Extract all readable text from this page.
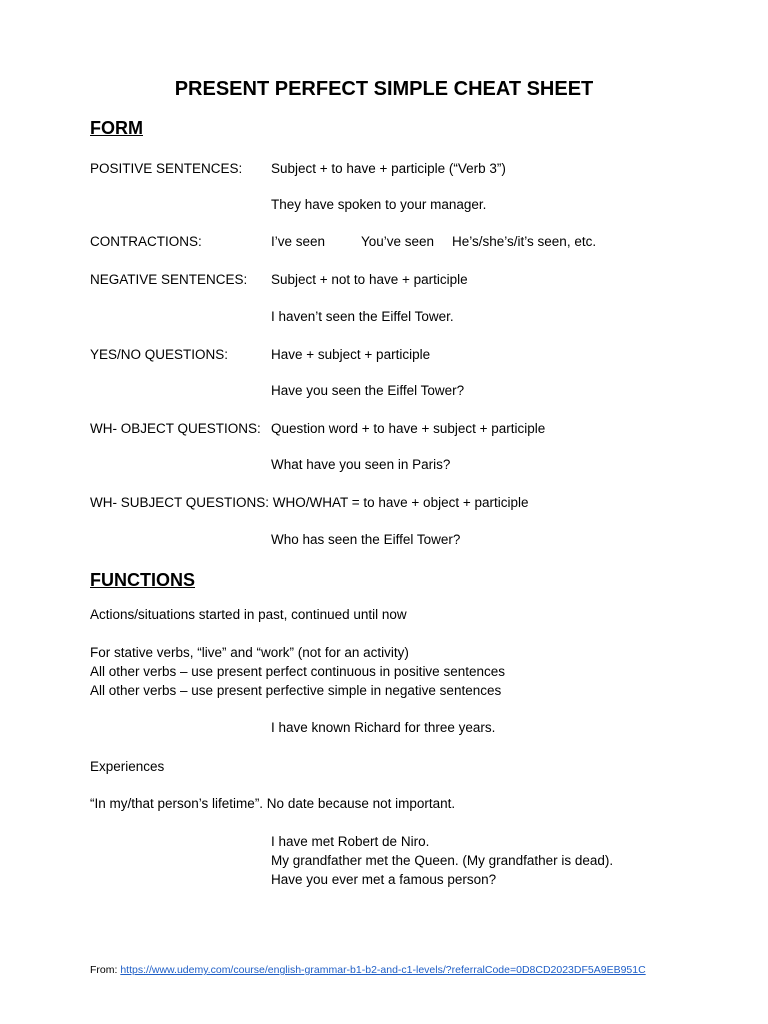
PRESENT PERFECT SIMPLE CHEAT SHEET
FORM
POSITIVE SENTENCES: Subject + to have + participle (“Verb 3”)
They have spoken to your manager.
CONTRACTIONS:	I’ve seen	You’ve seen He’s/she’s/it’s seen, etc.
NEGATIVE SENTENCES: Subject + not to have + participle
I haven’t seen the Eiffel Tower.
YES/NO QUESTIONS:	Have + subject + participle
Have you seen the Eiffel Tower?
WH- OBJECT QUESTIONS: Question word + to have + subject + participle
What have you seen in Paris?
WH- SUBJECT QUESTIONS: WHO/WHAT = to have + object + participle
Who has seen the Eiffel Tower?
FUNCTIONS
Actions/situations started in past, continued until now
For stative verbs, “live” and “work” (not for an activity)
All other verbs – use present perfect continuous in positive sentences
All other verbs – use present perfective simple in negative sentences
I have known Richard for three years.
Experiences
“In my/that person’s lifetime”. No date because not important.
I have met Robert de Niro.
My grandfather met the Queen. (My grandfather is dead).
Have you ever met a famous person?
From: https://www.udemy.com/course/english-grammar-b1-b2-and-c1-levels/?referralCode=0D8CD2023DF5A9EB951C
